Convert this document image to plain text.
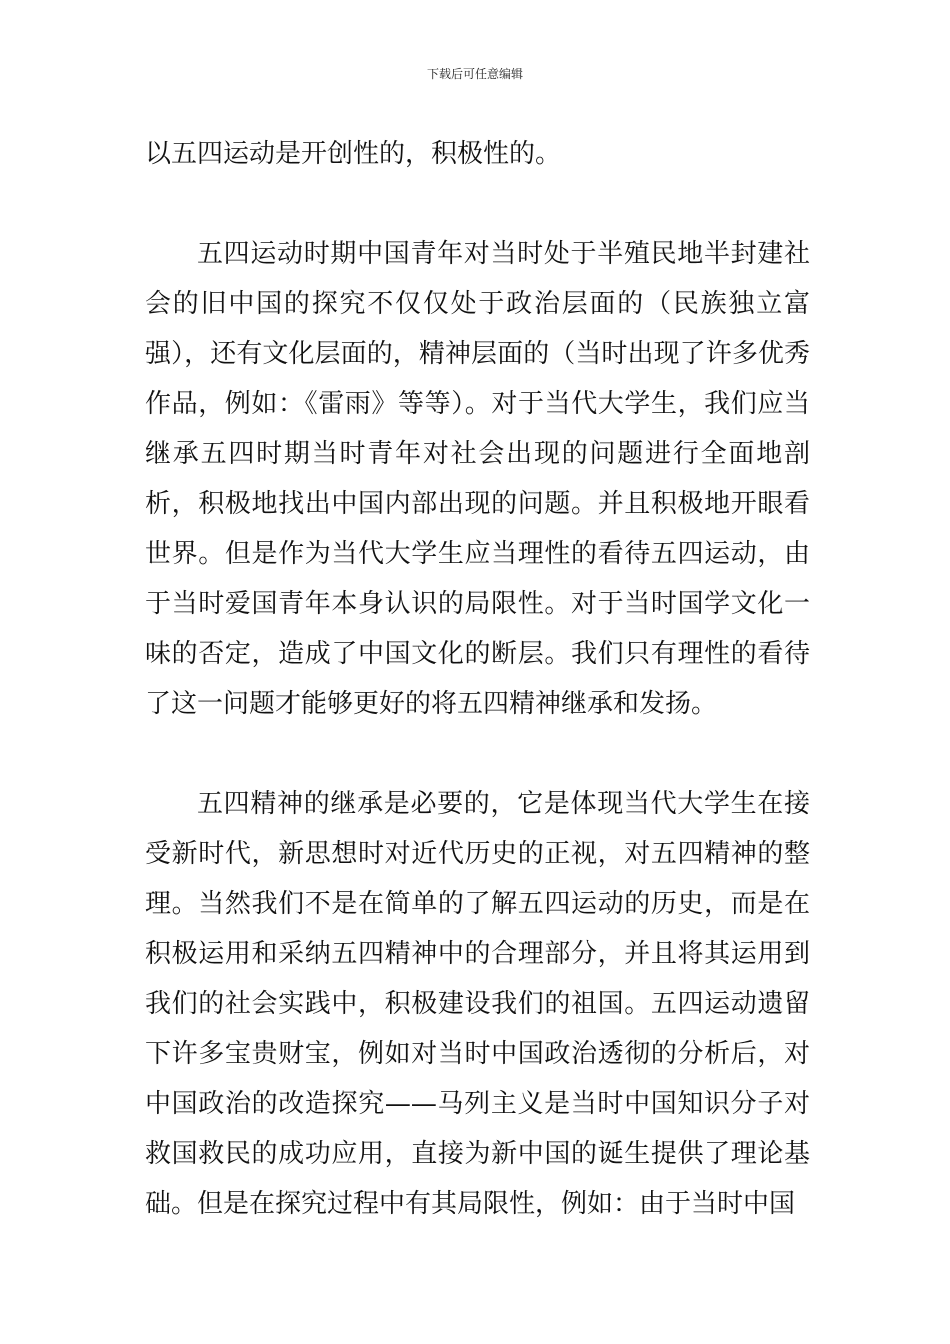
下载后可任意编辑

以五四运动是开创性的，积极性的。

五四运动时期中国青年对当时处于半殖民地半封建社会的旧中国的探究不仅仅处于政治层面的（民族独立富强），还有文化层面的，精神层面的（当时出现了许多优秀作品，例如：《雷雨》等等）。对于当代大学生，我们应当继承五四时期当时青年对社会出现的问题进行全面地剖析，积极地找出中国内部出现的问题。并且积极地开眼看世界。但是作为当代大学生应当理性的看待五四运动，由于当时爱国青年本身认识的局限性。对于当时国学文化一味的否定，造成了中国文化的断层。我们只有理性的看待了这一问题才能够更好的将五四精神继承和发扬。

五四精神的继承是必要的，它是体现当代大学生在接受新时代，新思想时对近代历史的正视，对五四精神的整理。当然我们不是在简单的了解五四运动的历史，而是在积极运用和采纳五四精神中的合理部分，并且将其运用到我们的社会实践中，积极建设我们的祖国。五四运动遗留下许多宝贵财宝，例如对当时中国政治透彻的分析后，对中国政治的改造探究——马列主义是当时中国知识分子对救国救民的成功应用，直接为新中国的诞生提供了理论基础。但是在探究过程中有其局限性，例如：由于当时中国
